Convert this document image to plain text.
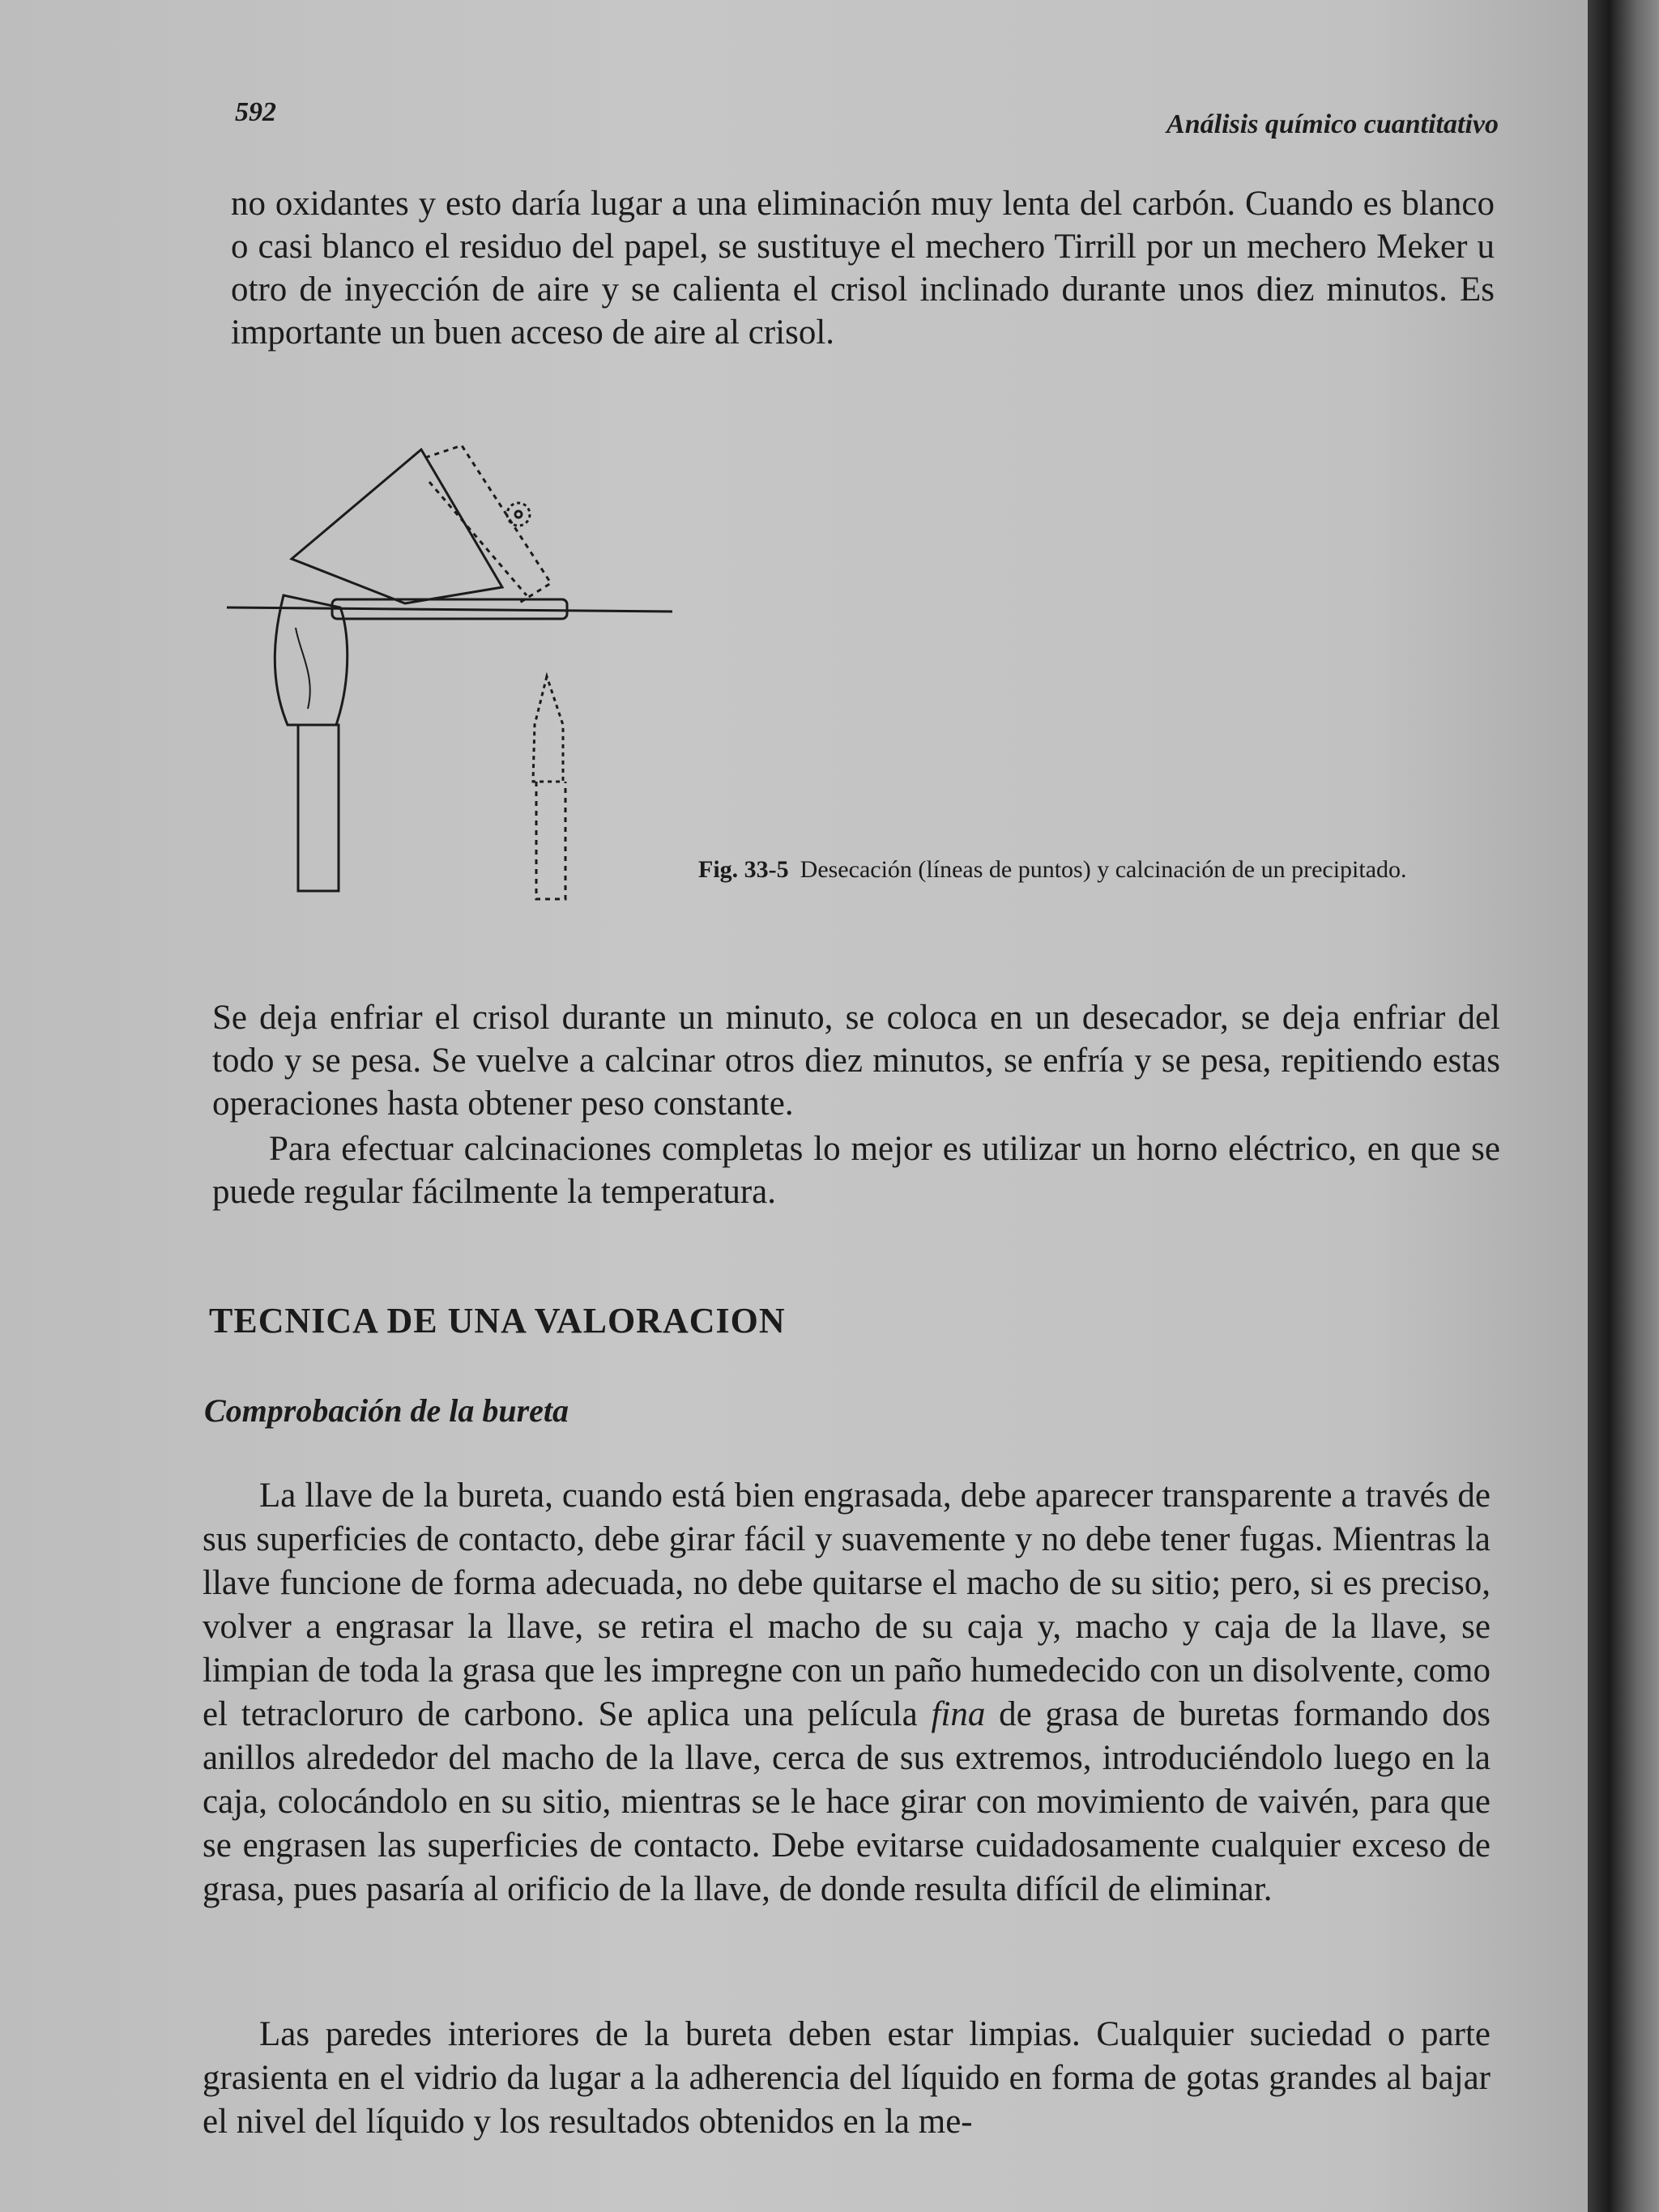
592	Análisis químico cuantitativo

no oxidantes y esto daría lugar a una eliminación muy lenta del carbón. Cuando es blanco o casi blanco el residuo del papel, se sustituye el mechero Tirrill por un mechero Meker u otro de inyección de aire y se calienta el crisol inclinado durante unos diez minutos. Es importante un buen acceso de aire al crisol.

Fig. 33-5 Desecación (líneas de puntos) y calcinación de un precipitado.

Se deja enfriar el crisol durante un minuto, se coloca en un desecador, se deja enfriar del todo y se pesa. Se vuelve a calcinar otros diez minutos, se enfría y se pesa, repitiendo estas operaciones hasta obtener peso constante.

Para efectuar calcinaciones completas lo mejor es utilizar un horno eléctrico, en que se puede regular fácilmente la temperatura.

TECNICA DE UNA VALORACION
Comprobación de la bureta

La llave de la bureta, cuando está bien engrasada, debe aparecer transparente a través de sus superficies de contacto, debe girar fácil y suavemente y no debe tener fugas. Mientras la llave funcione de forma adecuada, no debe quitarse el macho de su sitio; pero, si es preciso, volver a engrasar la llave, se retira el macho de su caja y, macho y caja de la llave, se limpian de toda la grasa que les impregne con un paño humedecido con un disolvente, como el tetracloruro de carbono. Se aplica una película fina de grasa de buretas formando dos anillos alrededor del macho de la llave, cerca de sus extremos, introduciéndolo luego en la caja, colocándolo en su sitio, mientras se le hace girar con movimiento de vaivén, para que se engrasen las superficies de contacto. Debe evitarse cuidadosamente cualquier exceso de grasa, pues pasaría al orificio de la llave, de donde resulta difícil de eliminar.

Las paredes interiores de la bureta deben estar limpias. Cualquier suciedad o parte grasienta en el vidrio da lugar a la adherencia del líquido en forma de gotas grandes al bajar el nivel del líquido y los resultados obtenidos en la me-
